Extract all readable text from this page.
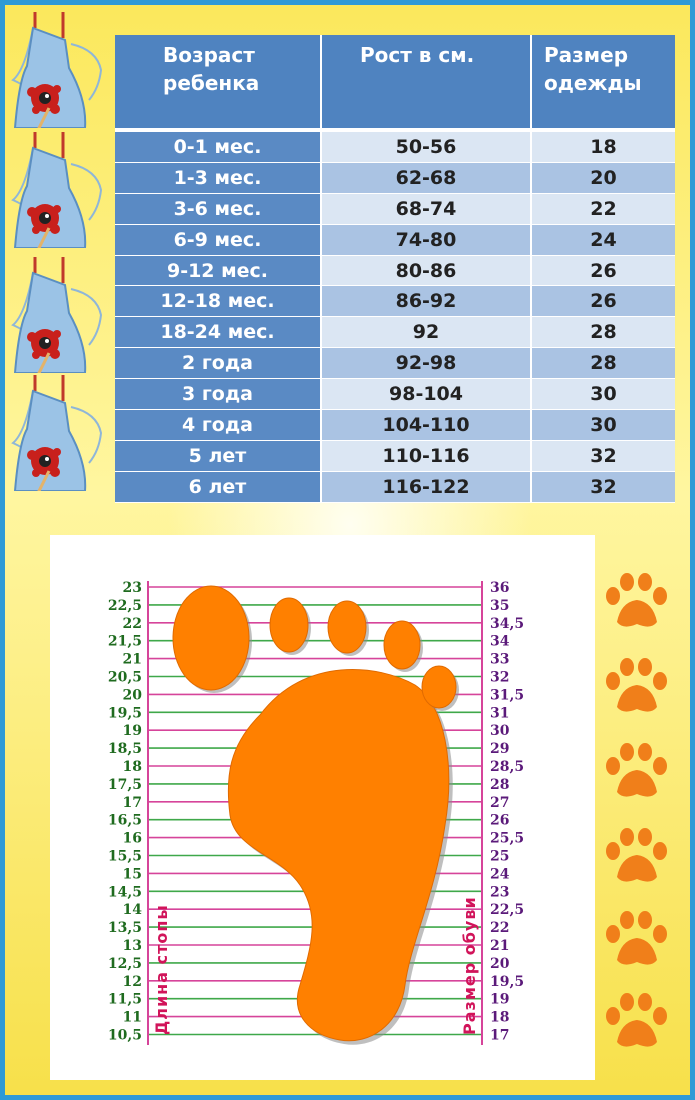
Возраст
ребенка	Рост в см.	Размер
одежды

0-1 мес.	50-56	18
1-3 мес.	62-68	20
3-6 мес.	68-74	22
6-9 мес.	74-80	24
9-12 мес.	80-86	26
12-18 мес.	86-92	26
18-24 мес.	92	28
2 года	92-98	28
3 года	98-104	30
4 года	104-110	30
5 лет	110-116	32
6 лет	116-122	32
23
22,5
22
21,5
21
20,5
20
19,5
19
18,5
18
17,5
17
16,5
16
15,5
15
14,5
14
13,5
13
12,5
12
11,5
11
10,5
36
35
34,5
34
33
32
31,5
31
30
29
28,5
28
27
26
25,5
25
24
23
22,5
22
21
20
19,5
19
18
17
Длина стопы	Размер обуви
